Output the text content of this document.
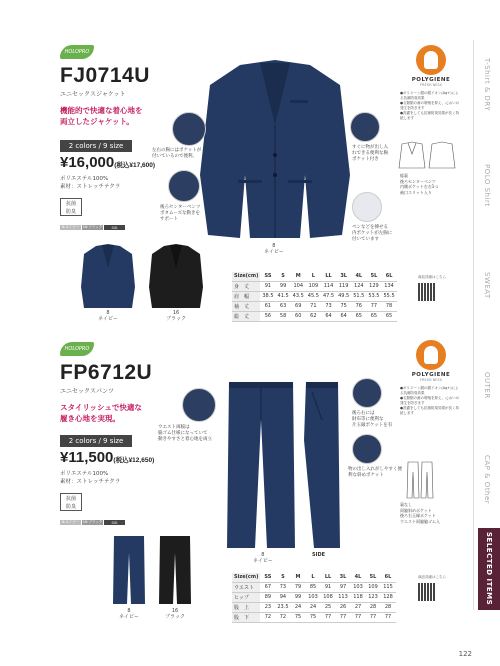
T-Shirt & DRY
POLO Shirt
SWEAT
OUTER
CAP & Other
SELECTED ITEMS
122
HOLOPRO
FJ0714U
ユニセックスジャケット
機能的で快適な着心地を
両立したジャケット。
2 colors / 9 size
¥16,000(税込¥17,600)
ポリエステル100%
素材：ストレッチテクラ
抗菌
防臭
8:ネイビー	16:ブラック	SIG
8
ネイビー
左右の胸にはポケットが
付いているので便利。
後ろセンターベンツ
ボタムーズな動きを
サポート
すぐに物が出し入
れできる便利な胸
ポケット付き
ペンなどを挿せる
内ポケットが左胸に
付いています
POLYGIENE
FRESH NESS
●ポリジーン銀の銀イオン(Ag+)による抗菌防臭効果
●衣類類の菌の増殖を抑え、においの発生を防ぎます
●洗濯をしても抗菌防臭効果が長く持続します
総裏
後ろセンターベンツ
内側ポケット左右1つ
袖口スリット入り
8
ネイビー
16
ブラック
Size(cm)	SS	S	M	L	LL	3L	4L	5L	6L
身　丈	91	99	104	109	114	119	124	129	134
肩　幅	38.5	41.5	43.5	45.5	47.5	49.5	51.5	53.5	55.5
袖　丈	61	63	69	71	73	75	76	77	78
総　丈	56	58	60	62	64	64	65	65	65
商品詳細はこちら
HOLOPRO
FP6712U
ユニセックスパンツ
スタイリッシュで快適な
履き心地を実現。
2 colors / 9 size
¥11,500(税込¥12,650)
ポリエステル100%
素材：ストレッチテクラ
抗菌
防臭
8:ネイビー	16:ブラック	SIG
8
ネイビー
SIDE
ウエスト両脇は
脇ゴム仕様になっていて
動きやすさと着心地を両立
後ろ右には
財布等に便利な
片玉縁ポケットを有
物の出し入れがしやすく便
利な斜めポケット
POLYGIENE
FRESH NESS
●ポリジーン銀の銀イオン(Ag+)による抗菌防臭効果
●衣類類の菌の増殖を抑え、においの発生を防ぎます
●洗濯をしても抗菌防臭効果が長く持続します
裏なし
両脇斜めポケット
後ろ右玉縁ポケット
ウエスト両脇脇ゴム入
8
ネイビー
16
ブラック
Size(cm)	SS	S	M	L	LL	3L	4L	5L	6L
ウエスト	67	73	79	85	91	97	103	109	115
ヒップ	89	94	99	103	108	113	118	123	128
股　上	23	23.5	24	24	25	26	27	28	28
股　下	72	72	75	75	77	77	77	77	77
商品詳細はこちら
